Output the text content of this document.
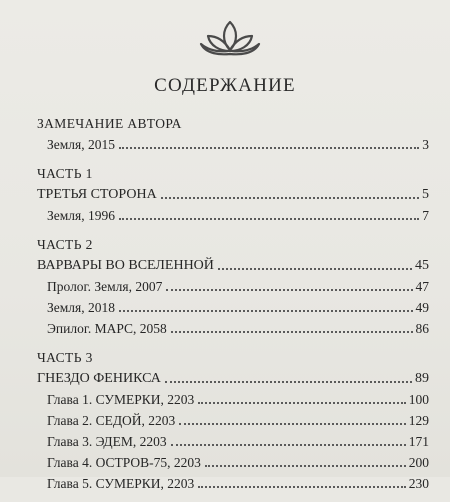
СОДЕРЖАНИЕ
ЗАМЕЧАНИЕ АВТОРА
Земля, 2015	3
ЧАСТЬ 1
ТРЕТЬЯ СТОРОНА	5
Земля, 1996	7
ЧАСТЬ 2
ВАРВАРЫ ВО ВСЕЛЕННОЙ	45
Пролог. Земля, 2007	47
Земля, 2018	49
Эпилог. МАРС, 2058	86
ЧАСТЬ 3
ГНЕЗДО ФЕНИКСА	89
Глава 1. СУМЕРКИ, 2203	100
Глава 2. СЕДОЙ, 2203	129
Глава 3. ЭДЕМ, 2203	171
Глава 4. ОСТРОВ-75, 2203	200
Глава 5. СУМЕРКИ, 2203	230
